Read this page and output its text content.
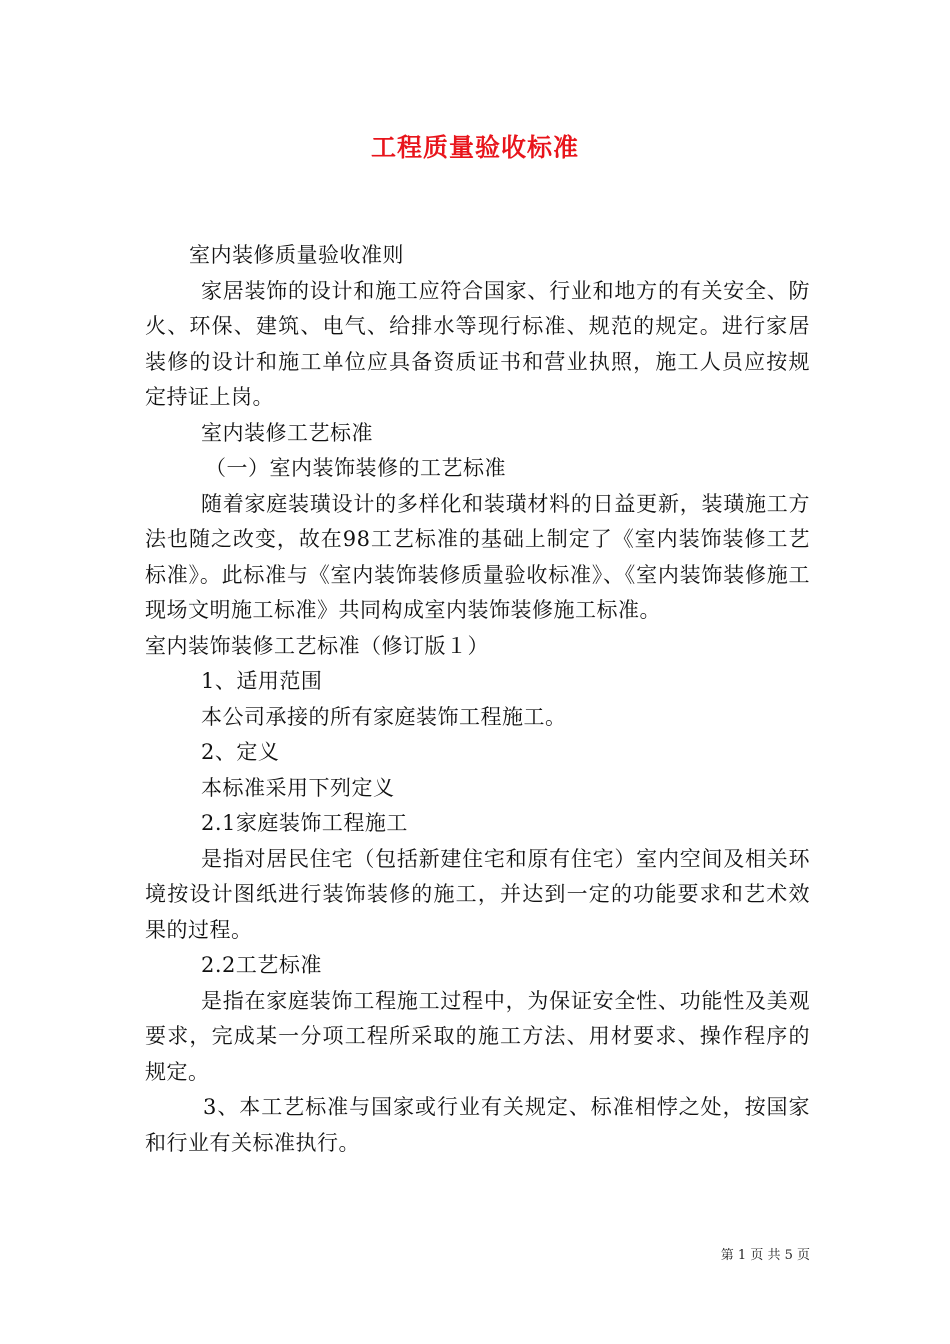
工程质量验收标准

室内装修质量验收准则

家居装饰的设计和施工应符合国家、行业和地方的有关安全、防火、环保、建筑、电气、给排水等现行标准、规范的规定。进行家居装修的设计和施工单位应具备资质证书和营业执照，施工人员应按规定持证上岗。

室内装修工艺标准

（一）室内装饰装修的工艺标准

随着家庭装璜设计的多样化和装璜材料的日益更新，装璜施工方法也随之改变，故在98工艺标准的基础上制定了《室内装饰装修工艺标准》。此标准与《室内装饰装修质量验收标准》、《室内装饰装修施工现场文明施工标准》共同构成室内装饰装修施工标准。

室内装饰装修工艺标准（修订版１）

1、适用范围

本公司承接的所有家庭装饰工程施工。

2、定义

本标准采用下列定义

2.1家庭装饰工程施工

是指对居民住宅（包括新建住宅和原有住宅）室内空间及相关环境按设计图纸进行装饰装修的施工，并达到一定的功能要求和艺术效果的过程。

2.2工艺标准

是指在家庭装饰工程施工过程中，为保证安全性、功能性及美观要求，完成某一分项工程所采取的施工方法、用材要求、操作程序的规定。

3、本工艺标准与国家或行业有关规定、标准相悖之处，按国家和行业有关标准执行。

第 1 页 共 5 页
